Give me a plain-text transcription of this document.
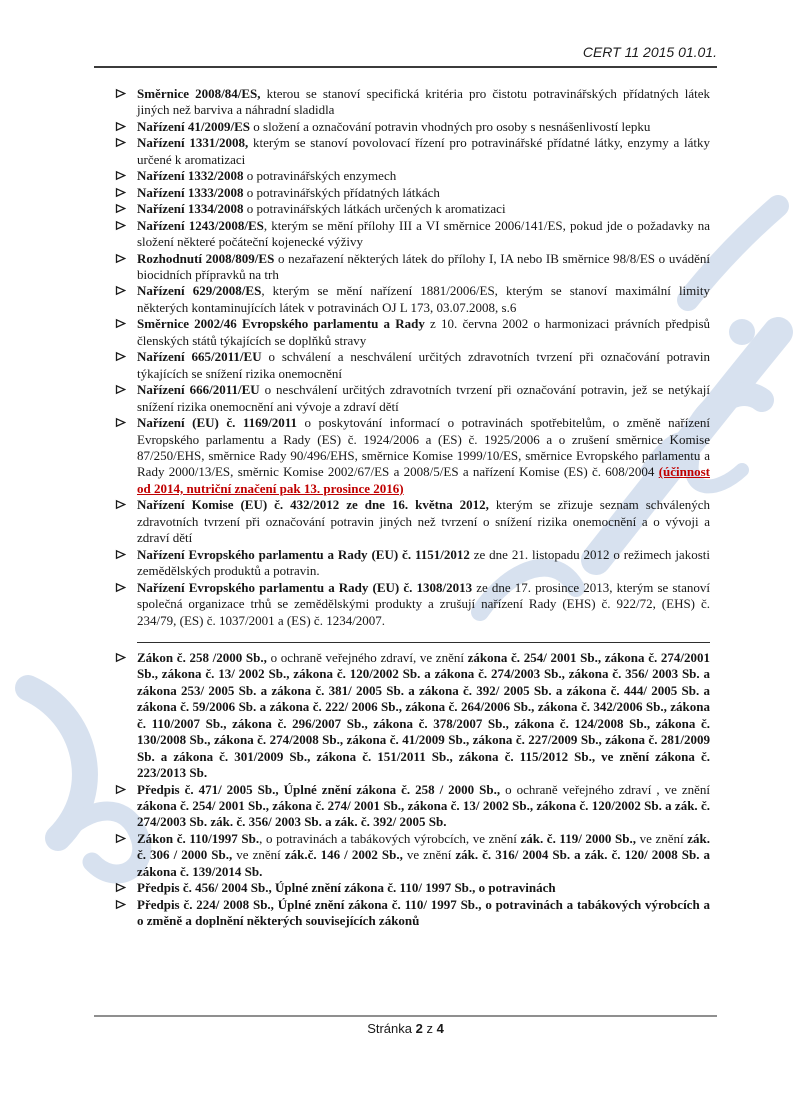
CERT 11 2015 01.01.
Směrnice 2008/84/ES, kterou se stanoví specifická kritéria pro čistotu potravinářských přídatných látek jiných než barviva a náhradní sladidla
Nařízení 41/2009/ES o složení a označování potravin vhodných pro osoby s nesnášenlivostí lepku
Nařízení 1331/2008, kterým se stanoví povolovací řízení pro potravinářské přídatné látky, enzymy a látky určené k aromatizaci
Nařízení 1332/2008 o potravinářských enzymech
Nařízení 1333/2008 o potravinářských přídatných látkách
Nařízení 1334/2008 o potravinářských látkách určených k aromatizaci
Nařízení 1243/2008/ES, kterým se mění přílohy III a VI směrnice 2006/141/ES, pokud jde o požadavky na složení některé počáteční kojenecké výživy
Rozhodnutí 2008/809/ES o nezařazení některých látek do přílohy I, IA nebo IB směrnice 98/8/ES o uvádění biocidních přípravků na trh
Nařízení 629/2008/ES, kterým se mění nařízení 1881/2006/ES, kterým se stanoví maximální limity některých kontaminujících látek v potravinách OJ L 173, 03.07.2008, s.6
Směrnice 2002/46 Evropského parlamentu a Rady z 10. června 2002 o harmonizaci právních předpisů členských států týkajících se doplňků stravy
Nařízení 665/2011/EU o schválení a neschválení určitých zdravotních tvrzení při označování potravin týkajících se snížení rizika onemocnění
Nařízení 666/2011/EU o neschválení určitých zdravotních tvrzení při označování potravin, jež se netýkají snížení rizika onemocnění ani vývoje a zdraví dětí
Nařízení (EU) č. 1169/2011 o poskytování informací o potravinách spotřebitelům, o změně nařízení Evropského parlamentu a Rady (ES) č. 1924/2006 a (ES) č. 1925/2006 a o zrušení směrnice Komise 87/250/EHS, směrnice Rady 90/496/EHS, směrnice Komise 1999/10/ES, směrnice Evropského parlamentu a Rady 2000/13/ES, směrnic Komise 2002/67/ES a 2008/5/ES a nařízení Komise (ES) č. 608/2004 (účinnost od 2014, nutriční značení pak 13. prosince 2016)
Nařízení Komise (EU) č. 432/2012 ze dne 16. května 2012, kterým se zřizuje seznam schválených zdravotních tvrzení při označování potravin jiných než tvrzení o snížení rizika onemocnění a o vývoji a zdraví dětí
Nařízení Evropského parlamentu a Rady (EU) č. 1151/2012 ze dne 21. listopadu 2012 o režimech jakosti zemědělských produktů a potravin.
Nařízení Evropského parlamentu a Rady (EU) č. 1308/2013 ze dne 17. prosince 2013, kterým se stanoví společná organizace trhů se zemědělskými produkty a zrušují nařízení Rady (EHS) č. 922/72, (EHS) č. 234/79, (ES) č. 1037/2001 a (ES) č. 1234/2007.
Zákon č. 258 /2000 Sb., o ochraně veřejného zdraví, ve znění zákona č. 254/ 2001 Sb., zákona č. 274/2001 Sb., zákona č. 13/ 2002 Sb., zákona č. 120/2002 Sb. a zákona č. 274/2003 Sb., zákona č. 356/ 2003 Sb. a zákona 253/ 2005 Sb. a zákona č. 381/ 2005 Sb. a zákona č. 392/ 2005 Sb. a zákona č. 444/ 2005 Sb. a zákona č. 59/2006 Sb. a zákona č. 222/ 2006 Sb., zákona č. 264/2006 Sb., zákona č. 342/2006 Sb., zákona č. 110/2007 Sb., zákona č. 296/2007 Sb., zákona č. 378/2007 Sb., zákona č. 124/2008 Sb., zákona č. 130/2008 Sb., zákona č. 274/2008 Sb., zákona č. 41/2009 Sb., zákona č. 227/2009 Sb., zákona č. 281/2009 Sb. a zákona č. 301/2009 Sb., zákona č. 151/2011 Sb., zákona č. 115/2012 Sb., ve znění zákona č. 223/2013 Sb.
Předpis č. 471/ 2005 Sb., Úplné znění zákona č. 258 / 2000 Sb., o ochraně veřejného zdraví , ve znění zákona č. 254/ 2001 Sb., zákona č. 274/ 2001 Sb., zákona č. 13/ 2002 Sb., zákona č. 120/2002 Sb. a zák. č. 274/2003 Sb. zák. č. 356/ 2003 Sb. a zák. č. 392/ 2005 Sb.
Zákon č. 110/1997 Sb., o potravinách a tabákových výrobcích, ve znění zák. č. 119/ 2000 Sb., ve znění zák. č. 306 / 2000 Sb., ve znění zák.č. 146 / 2002 Sb., ve znění zák. č. 316/ 2004 Sb. a zák. č. 120/ 2008 Sb. a zákona č. 139/2014 Sb.
Předpis č. 456/ 2004 Sb., Úplné znění zákona č. 110/ 1997 Sb., o potravinách
Předpis č. 224/ 2008 Sb., Úplné znění zákona č. 110/ 1997 Sb., o potravinách a tabákových výrobcích a o změně a doplnění některých souvisejících zákonů
Stránka 2 z 4
